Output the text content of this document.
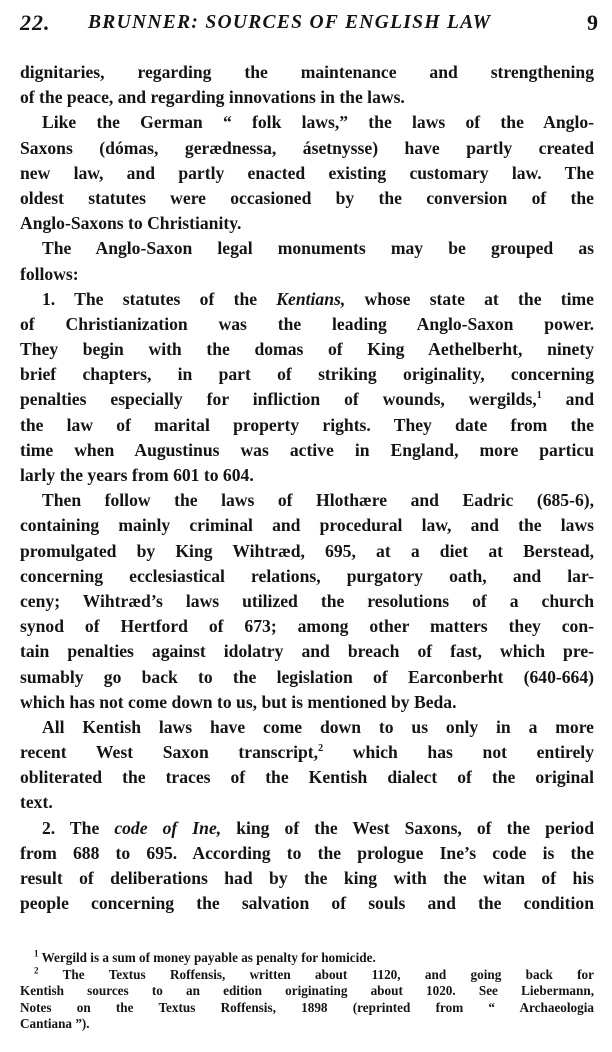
22. BRUNNER: SOURCES OF ENGLISH LAW	9
dignitaries, regarding the maintenance and strengthening
of the peace, and regarding innovations in the laws.
Like the German “ folk laws,” the laws of the Anglo-
Saxons (dómas, gerædnessa, ásetnysse) have partly created
new law, and partly enacted existing customary law. The
oldest statutes were occasioned by the conversion of the
Anglo-Saxons to Christianity.
The Anglo-Saxon legal monuments may be grouped as
follows:
1. The statutes of the Kentians, whose state at the time
of Christianization was the leading Anglo-Saxon power.
They begin with the domas of King Aethelberht, ninety
brief chapters, in part of striking originality, concerning
penalties especially for infliction of wounds, wergilds,$^1$ and
the law of marital property rights. They date from the
time when Augustinus was active in England, more particu
larly the years from 601 to 604.
Then follow the laws of Hlothære and Eadric (685-6),
containing mainly criminal and procedural law, and the laws
promulgated by King Wihtræd, 695, at a diet at Berstead,
concerning ecclesiastical relations, purgatory oath, and lar-
ceny; Wihtræd’s laws utilized the resolutions of a church
synod of Hertford of 673; among other matters they con-
tain penalties against idolatry and breach of fast, which pre-
sumably go back to the legislation of Earconberht (640-664)
which has not come down to us, but is mentioned by Beda.
All Kentish laws have come down to us only in a more
recent West Saxon transcript,$^2$ which has not entirely
obliterated the traces of the Kentish dialect of the original
text.
2. The code of Ine, king of the West Saxons, of the period
from 688 to 695. According to the prologue Ine’s code is the
result of deliberations had by the king with the witan of his
people concerning the salvation of souls and the condition
$^1$ Wergild is a sum of money payable as penalty for homicide.
$^2$ The Textus Roffensis, written about 1120, and going back for
Kentish sources to an edition originating about 1020. See Liebermann,
Notes on the Textus Roffensis, 1898 (reprinted from “ Archaeologia
Cantiana ”).
